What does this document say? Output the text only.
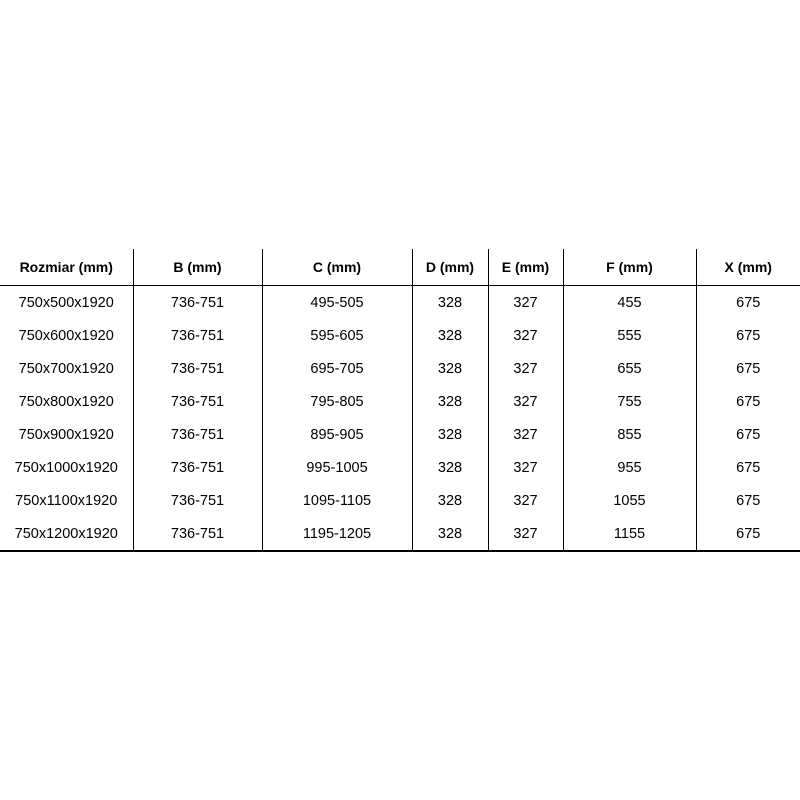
Rozmiar (mm)	B (mm)	C (mm)	D (mm)	E (mm)	F (mm)	X (mm)
750x500x1920	736-751	495-505	328	327	455	675
750x600x1920	736-751	595-605	328	327	555	675
750x700x1920	736-751	695-705	328	327	655	675
750x800x1920	736-751	795-805	328	327	755	675
750x900x1920	736-751	895-905	328	327	855	675
750x1000x1920	736-751	995-1005	328	327	955	675
750x1100x1920	736-751	1095-1105	328	327	1055	675
750x1200x1920	736-751	1195-1205	328	327	1155	675
